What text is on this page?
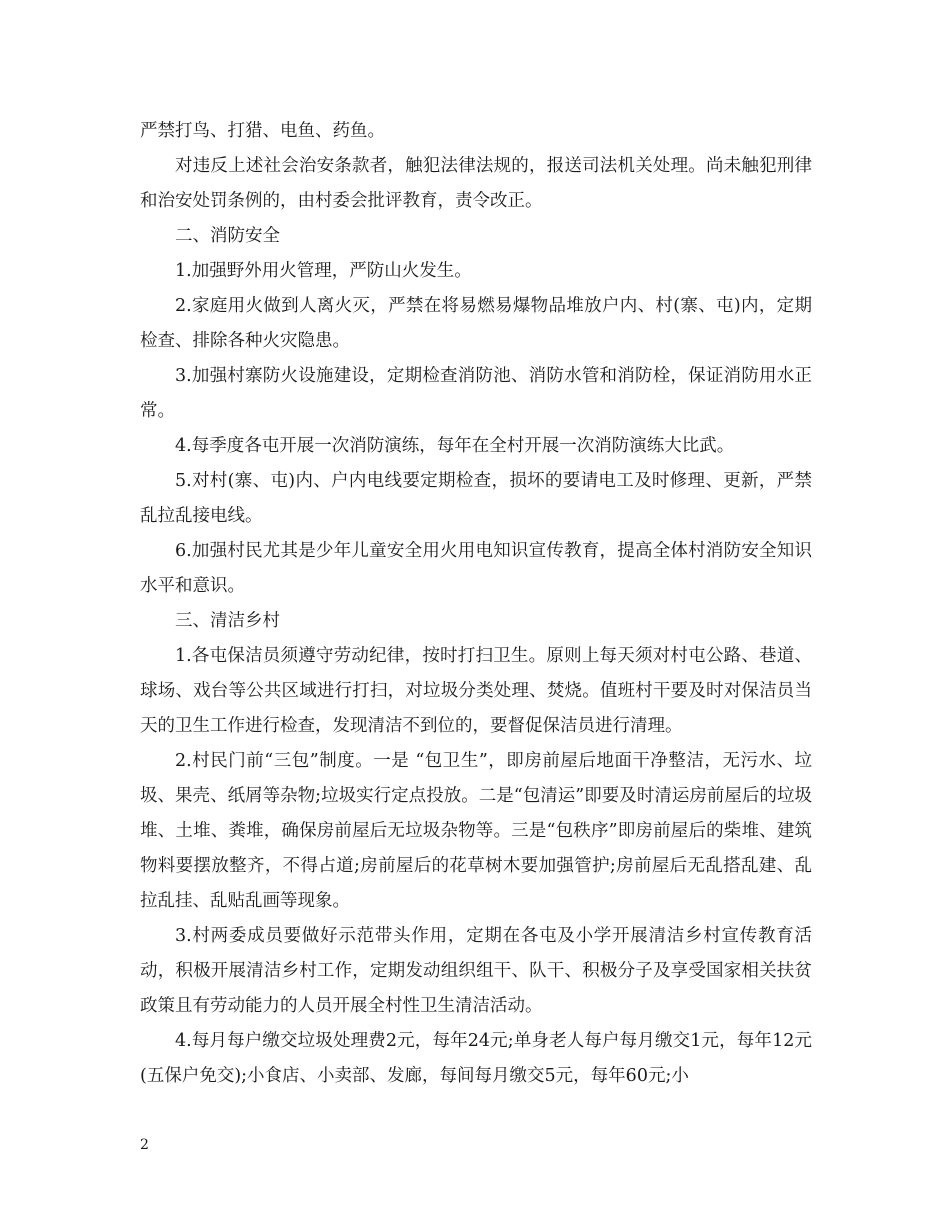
严禁打鸟、打猎、电鱼、药鱼。

对违反上述社会治安条款者，触犯法律法规的，报送司法机关处理。尚未触犯刑律和治安处罚条例的，由村委会批评教育，责令改正。

二、消防安全

1.加强野外用火管理，严防山火发生。

2.家庭用火做到人离火灭，严禁在将易燃易爆物品堆放户内、村(寨、屯)内，定期检查、排除各种火灾隐患。

3.加强村寨防火设施建设，定期检查消防池、消防水管和消防栓，保证消防用水正常。

4.每季度各屯开展一次消防演练，每年在全村开展一次消防演练大比武。

5.对村(寨、屯)内、户内电线要定期检查，损坏的要请电工及时修理、更新，严禁乱拉乱接电线。

6.加强村民尤其是少年儿童安全用火用电知识宣传教育，提高全体村消防安全知识水平和意识。

三、清洁乡村

1.各屯保洁员须遵守劳动纪律，按时打扫卫生。原则上每天须对村屯公路、巷道、球场、戏台等公共区域进行打扫，对垃圾分类处理、焚烧。值班村干要及时对保洁员当天的卫生工作进行检查，发现清洁不到位的，要督促保洁员进行清理。

2.村民门前“三包”制度。一是 “包卫生”，即房前屋后地面干净整洁，无污水、垃圾、果壳、纸屑等杂物;垃圾实行定点投放。二是“包清运”即要及时清运房前屋后的垃圾堆、土堆、粪堆，确保房前屋后无垃圾杂物等。三是“包秩序”即房前屋后的柴堆、建筑物料要摆放整齐，不得占道;房前屋后的花草树木要加强管护;房前屋后无乱搭乱建、乱拉乱挂、乱贴乱画等现象。

3.村两委成员要做好示范带头作用，定期在各屯及小学开展清洁乡村宣传教育活动，积极开展清洁乡村工作，定期发动组织组干、队干、积极分子及享受国家相关扶贫政策且有劳动能力的人员开展全村性卫生清洁活动。

4.每月每户缴交垃圾处理费2元，每年24元;单身老人每户每月缴交1元，每年12元(五保户免交);小食店、小卖部、发廊，每间每月缴交5元，每年60元;小

2
